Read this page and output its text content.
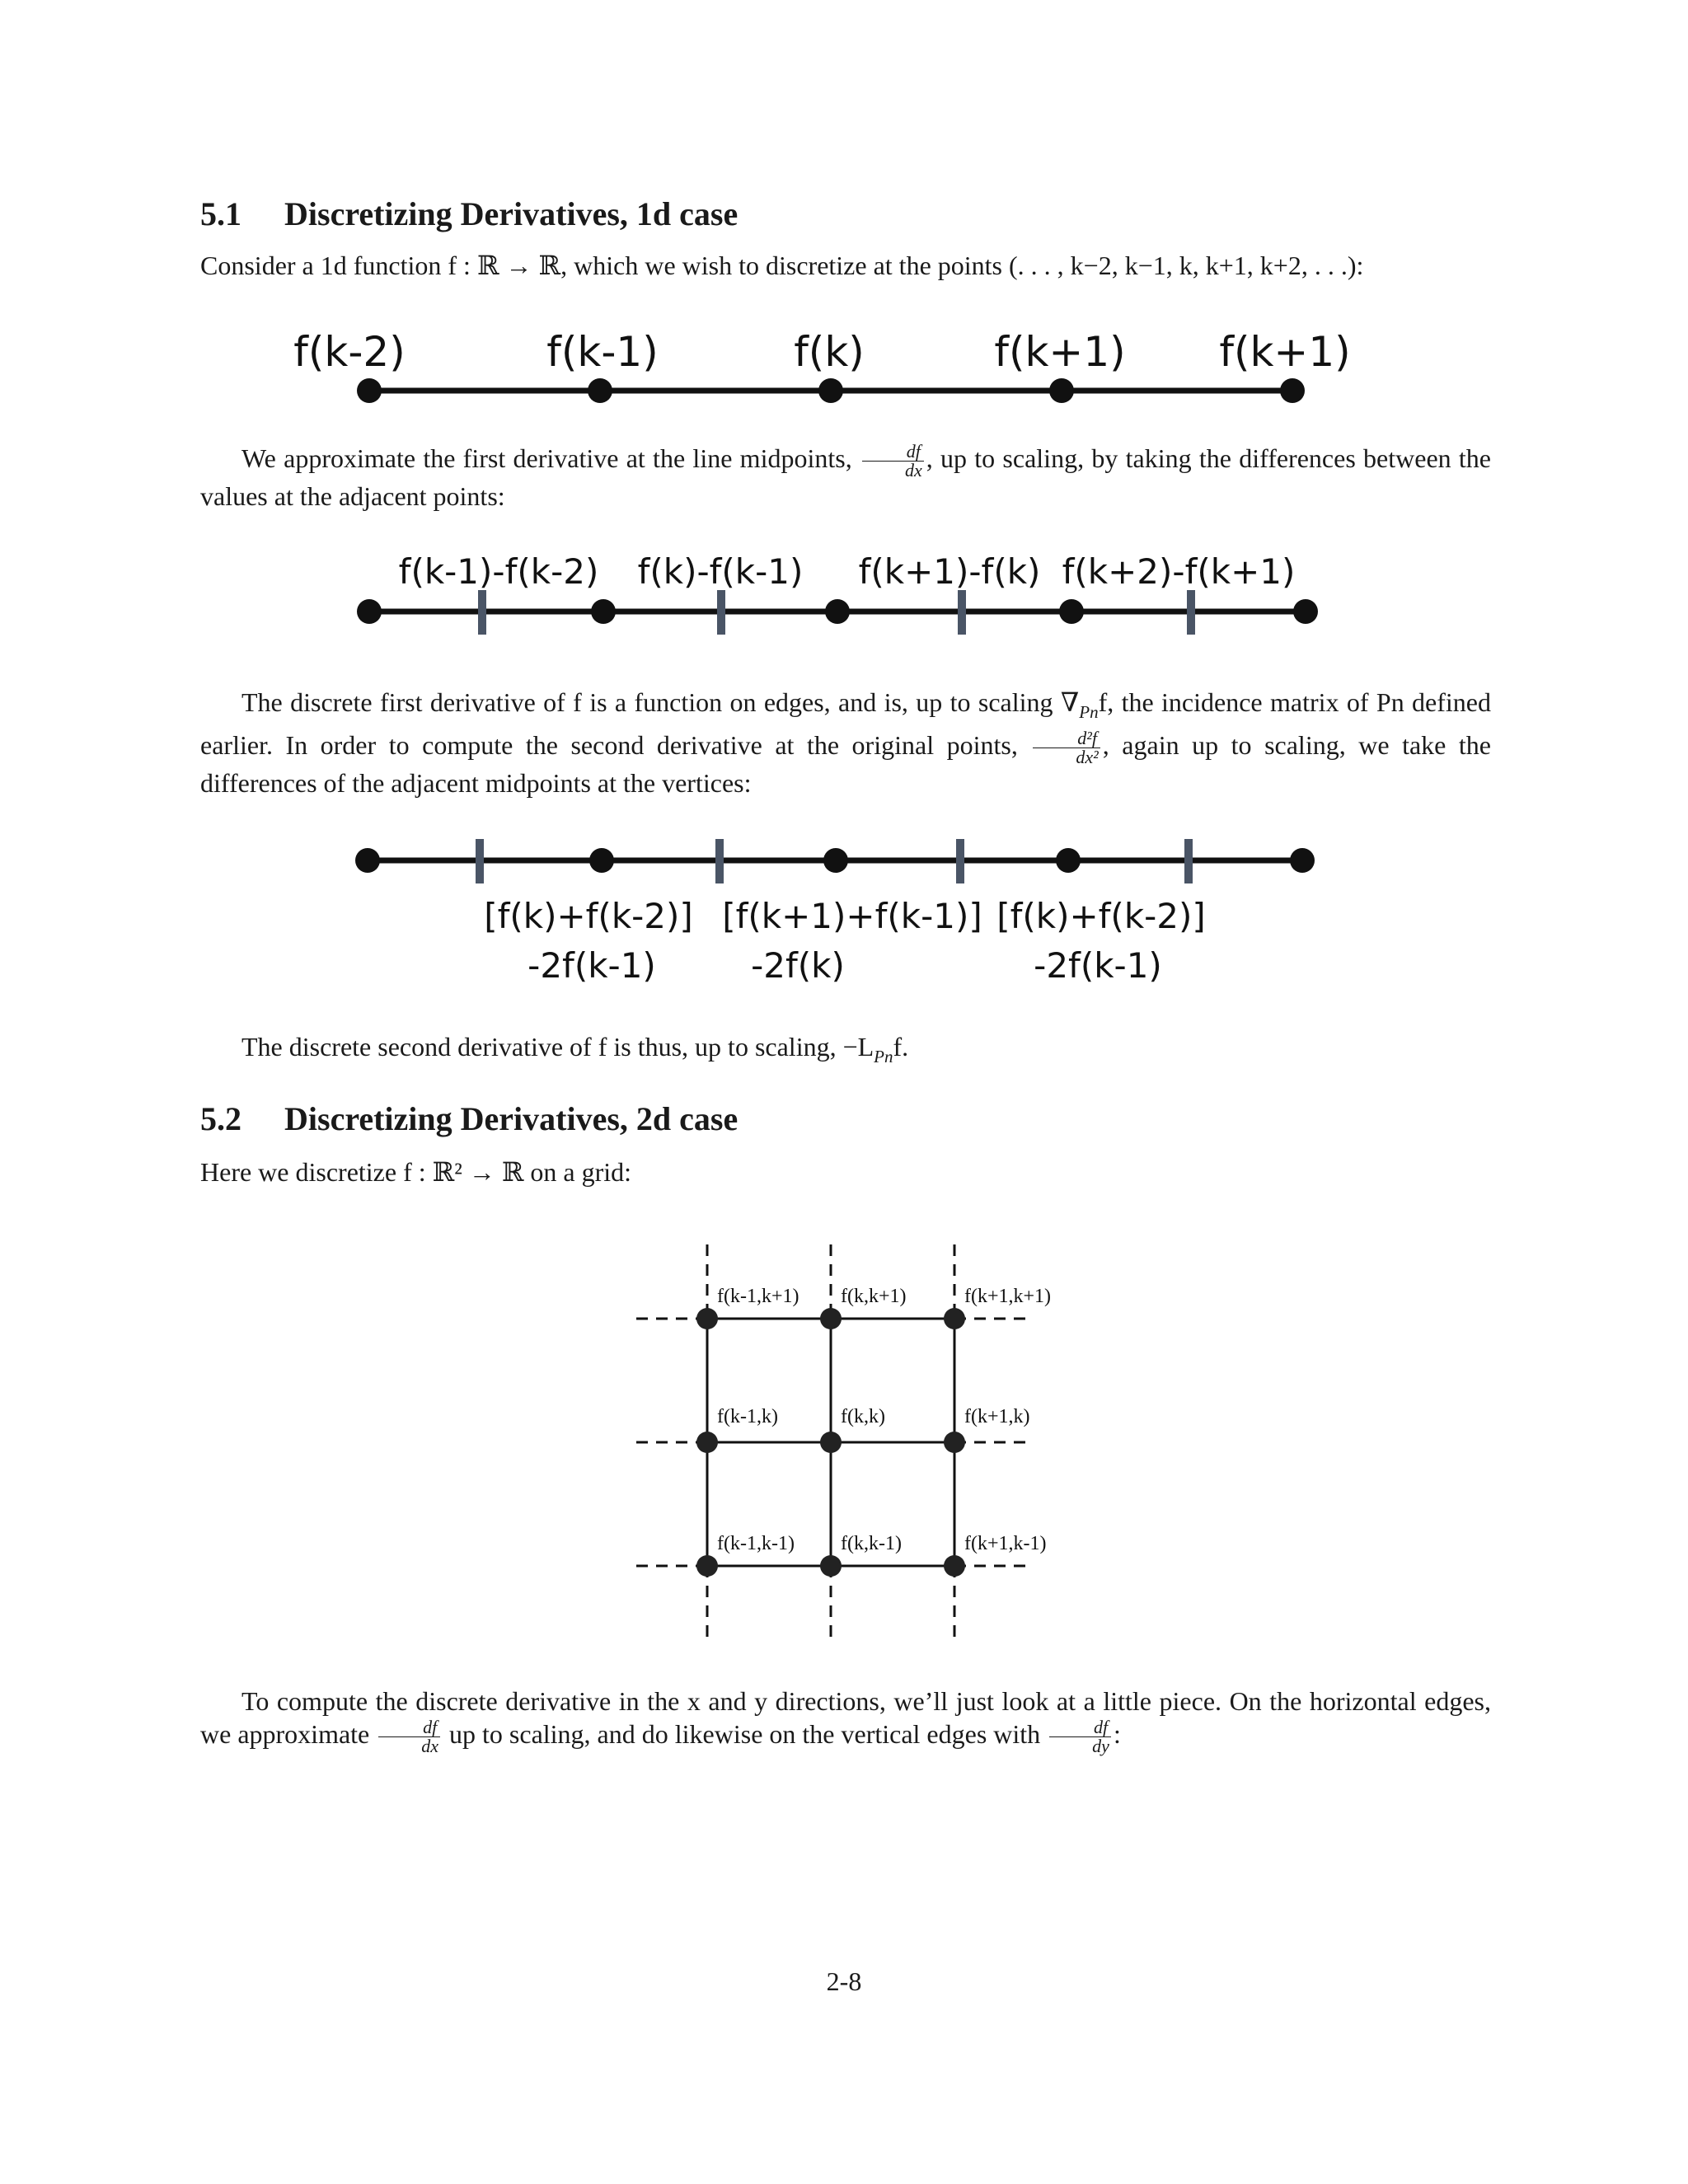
5.1 Discretizing Derivatives, 1d case

Consider a 1d function f : ℝ → ℝ, which we wish to discretize at the points (. . . , k−2, k−1, k, k+1, k+2, . . .):

f(k-2)	f(k-1)	f(k)	f(k+1) f(k+1)

We approximate the first derivative at the line midpoints, $\frac{df}{dx}$ , up to scaling, by taking the differences between the values at the adjacent points:

f(k-1)-f(k-2) f(k)-f(k-1) f(k+1)-f(k) f(k+2)-f(k+1)

The discrete first derivative of f is a function on edges, and is, up to scaling $\nabla_{Pn}f$, the incidence matrix of Pn defined earlier. In order to compute the second derivative at the original points, $\frac{\text{d²f}}{\text{dx²}}$ , again up to scaling, we take the differences of the adjacent midpoints at the vertices:

[f(k)+f(k-2)]
-2f(k-1)
[f(k+1)+f(k-1)]
-2f(k)
[f(k)+f(k-2)]
-2f(k-1)

The discrete second derivative of f is thus, up to scaling, $-L_{Pn}f$.

5.2 Discretizing Derivatives, 2d case

Here we discretize f : ℝ² → ℝ on a grid:

f(k-1,k+1) f(k,k+1)	f(k+1,k+1)
f(k-1,k)	f(k,k)	f(k+1,k)
f(k-1,k-1) f(k,k-1)	f(k+1,k-1)

To compute the discrete derivative in the x and y directions, we’ll just look at a little piece. On the horizontal edges, we approximate $\frac{df}{dx}$ up to scaling, and do likewise on the vertical edges with $\frac{df}{dy}$ :

2-8
